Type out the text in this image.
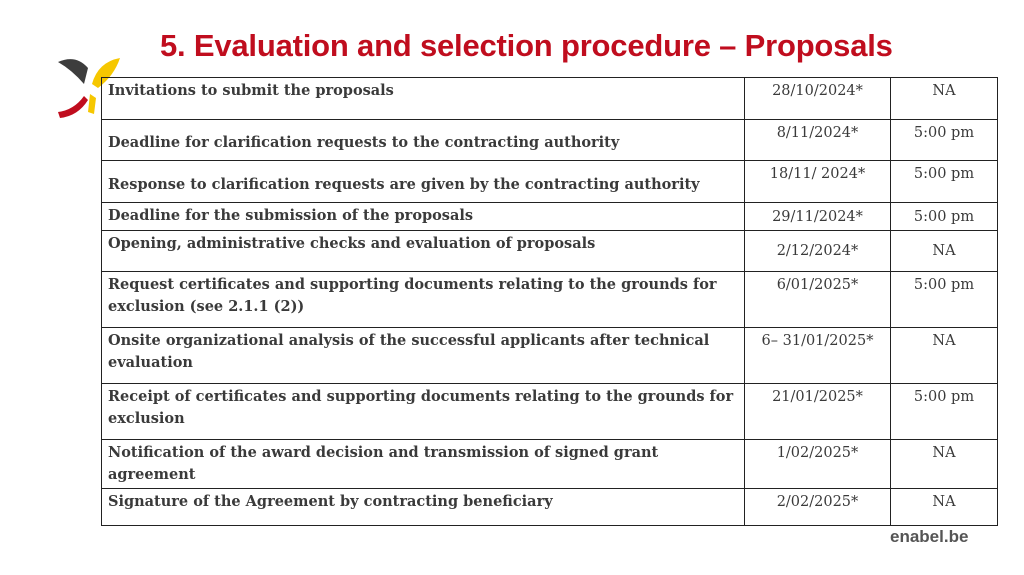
5. Evaluation and selection procedure – Proposals
Invitations to submit the proposals	28/10/2024*	NA
Deadline for clarification requests to the contracting authority	8/11/2024*	5:00 pm
Response to clarification requests are given by the contracting authority	18/11/ 2024*	5:00 pm
Deadline for the submission of the proposals	29/11/2024*	5:00 pm
Opening, administrative checks and evaluation of proposals	2/12/2024*	NA
Request certificates and supporting documents relating to the grounds for exclusion (see 2.1.1 (2))	6/01/2025*	5:00 pm
Onsite organizational analysis of the successful applicants after technical evaluation	6– 31/01/2025*	NA
Receipt of certificates and supporting documents relating to the grounds for exclusion	21/01/2025*	5:00 pm
Notification of the award decision and transmission of signed grant agreement	1/02/2025*	NA
Signature of the Agreement by contracting beneficiary	2/02/2025*	NA
enabel.be
